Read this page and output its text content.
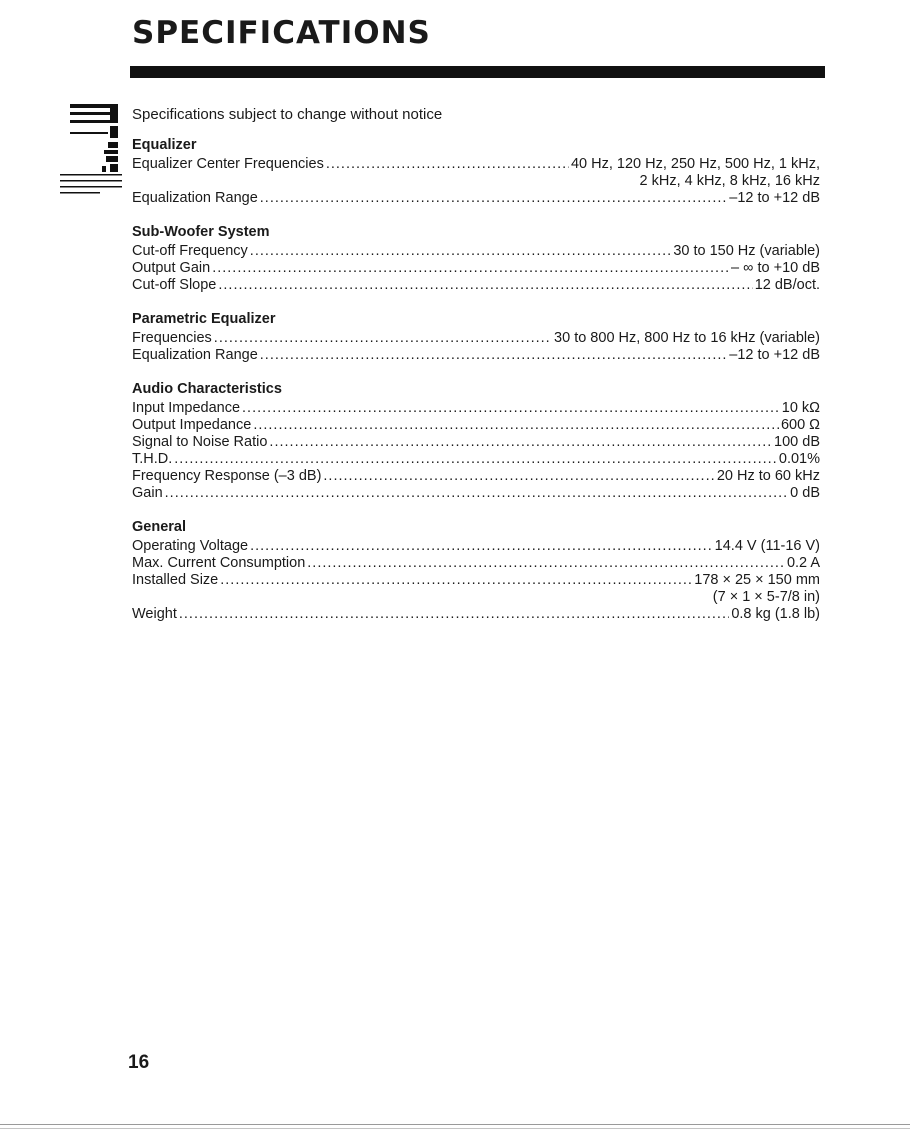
SPECIFICATIONS
Specifications subject to change without notice
Equalizer
Equalizer Center Frequencies .....	40 Hz, 120 Hz, 250 Hz, 500 Hz, 1 kHz,
2 kHz, 4 kHz, 8 kHz, 16 kHz
Equalization Range .....	–12 to +12 dB
Sub-Woofer System
Cut-off Frequency .....	30 to 150 Hz (variable)
Output Gain .....	– ∞ to +10 dB
Cut-off Slope .....	12 dB/oct.
Parametric Equalizer
Frequencies .....	30 to 800 Hz, 800 Hz to 16 kHz (variable)
Equalization Range .....	–12 to +12 dB
Audio Characteristics
Input Impedance .....	10 kΩ
Output Impedance .....	600 Ω
Signal to Noise Ratio .....	100 dB
T.H.D. .....	0.01%
Frequency Response (–3 dB) .....	20 Hz to 60 kHz
Gain .....	0 dB
General
Operating Voltage .....	14.4 V (11-16 V)
Max. Current Consumption .....	0.2 A
Installed Size .....	178 × 25 × 150 mm
(7 × 1 × 5-7/8 in)
Weight .....	0.8 kg (1.8 lb)
16
